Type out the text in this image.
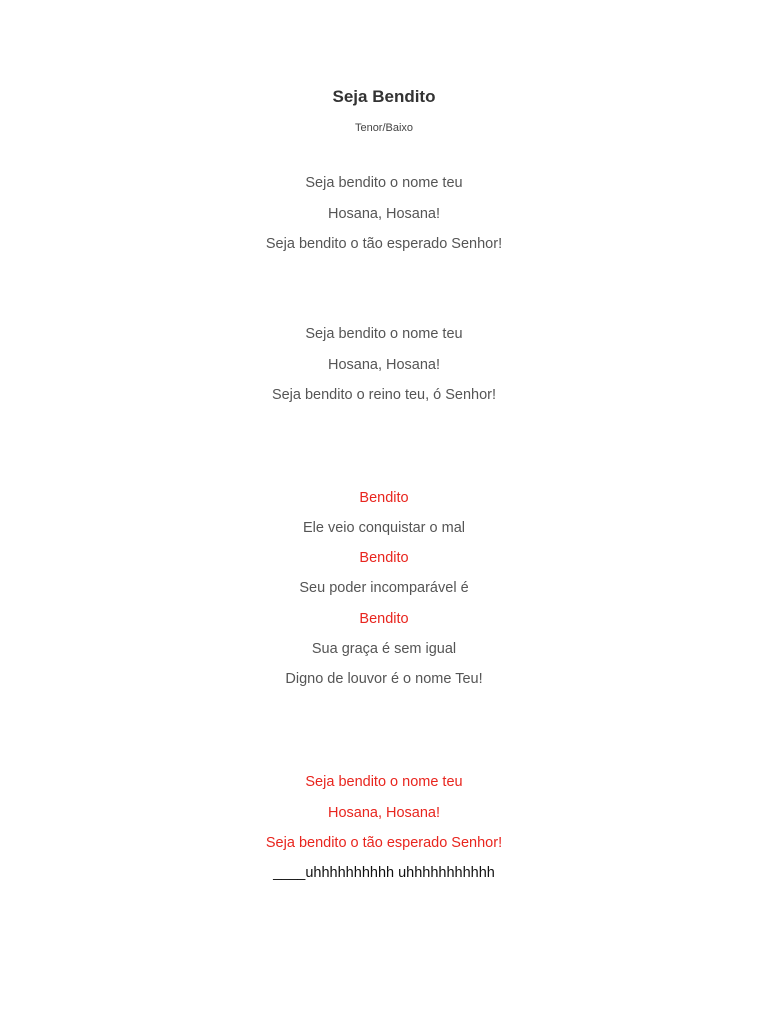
Seja Bendito
Tenor/Baixo
Seja bendito o nome teu
Hosana, Hosana!
Seja bendito o tão esperado Senhor!
Seja bendito o nome teu
Hosana, Hosana!
Seja bendito o reino teu, ó Senhor!
Bendito
Ele veio conquistar o mal
Bendito
Seu poder incomparável é
Bendito
Sua graça é sem igual
Digno de louvor é o nome Teu!
Seja bendito o nome teu
Hosana, Hosana!
Seja bendito o tão esperado Senhor!
____uhhhhhhhhhh uhhhhhhhhhhh
